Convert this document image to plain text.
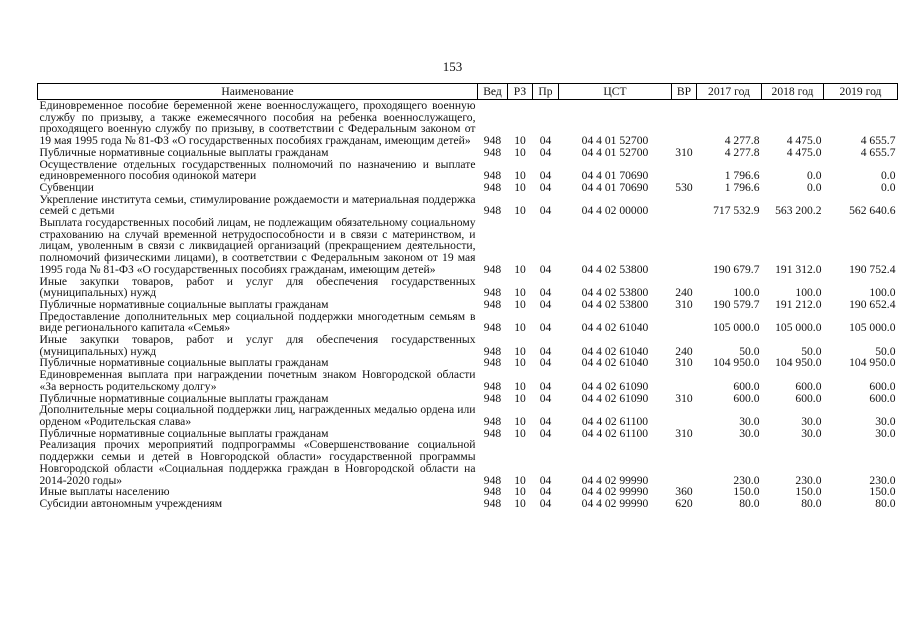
153
Наименование	Вед	РЗ	Пр	ЦСТ	ВР	2017 год	2018 год	2019 год
Единовременное пособие беременной жене военнослужащего, проходящего военную службу по призыву, а также ежемесячного пособия на ребенка военнослужащего, проходящего военную службу по призыву, в соответствии с Федеральным законом от 19 мая 1995 года № 81-ФЗ «О государственных пособиях гражданам, имеющим детей»	948	10	04	04 4 01 52700		4 277.8	4 475.0	4 655.7
Публичные нормативные социальные выплаты гражданам	948	10	04	04 4 01 52700	310	4 277.8	4 475.0	4 655.7
Осуществление отдельных государственных полномочий по назначению и выплате единовременного пособия одинокой матери	948	10	04	04 4 01 70690		1 796.6	0.0	0.0
Субвенции	948	10	04	04 4 01 70690	530	1 796.6	0.0	0.0
Укрепление института семьи, стимулирование рождаемости и материальная поддержка семей с детьми	948	10	04	04 4 02 00000		717 532.9	563 200.2	562 640.6
Выплата государственных пособий лицам, не подлежащим обязательному социальному страхованию на случай временной нетрудоспособности и в связи с материнством, и лицам, уволенным в связи с ликвидацией организаций (прекращением деятельности, полномочий физическими лицами), в соответствии с Федеральным законом от 19 мая 1995 года № 81-ФЗ «О государственных пособиях гражданам, имеющим детей»	948	10	04	04 4 02 53800		190 679.7	191 312.0	190 752.4
Иные закупки товаров, работ и услуг для обеспечения государственных (муниципальных) нужд	948	10	04	04 4 02 53800	240	100.0	100.0	100.0
Публичные нормативные социальные выплаты гражданам	948	10	04	04 4 02 53800	310	190 579.7	191 212.0	190 652.4
Предоставление дополнительных мер социальной поддержки многодетным семьям в виде регионального капитала «Семья»	948	10	04	04 4 02 61040		105 000.0	105 000.0	105 000.0
Иные закупки товаров, работ и услуг для обеспечения государственных (муниципальных) нужд	948	10	04	04 4 02 61040	240	50.0	50.0	50.0
Публичные нормативные социальные выплаты гражданам	948	10	04	04 4 02 61040	310	104 950.0	104 950.0	104 950.0
Единовременная выплата при награждении почетным знаком Новгородской области «За верность родительскому долгу»	948	10	04	04 4 02 61090		600.0	600.0	600.0
Публичные нормативные социальные выплаты гражданам	948	10	04	04 4 02 61090	310	600.0	600.0	600.0
Дополнительные меры социальной поддержки лиц, награжденных медалью ордена или орденом «Родительская слава»	948	10	04	04 4 02 61100		30.0	30.0	30.0
Публичные нормативные социальные выплаты гражданам	948	10	04	04 4 02 61100	310	30.0	30.0	30.0
Реализация прочих мероприятий подпрограммы «Совершенствование социальной поддержки семьи и детей в Новгородской области» государственной программы Новгородской области «Социальная поддержка граждан в Новгородской области на 2014-2020 годы»	948	10	04	04 4 02 99990		230.0	230.0	230.0
Иные выплаты населению	948	10	04	04 4 02 99990	360	150.0	150.0	150.0
Субсидии автономным учреждениям	948	10	04	04 4 02 99990	620	80.0	80.0	80.0
